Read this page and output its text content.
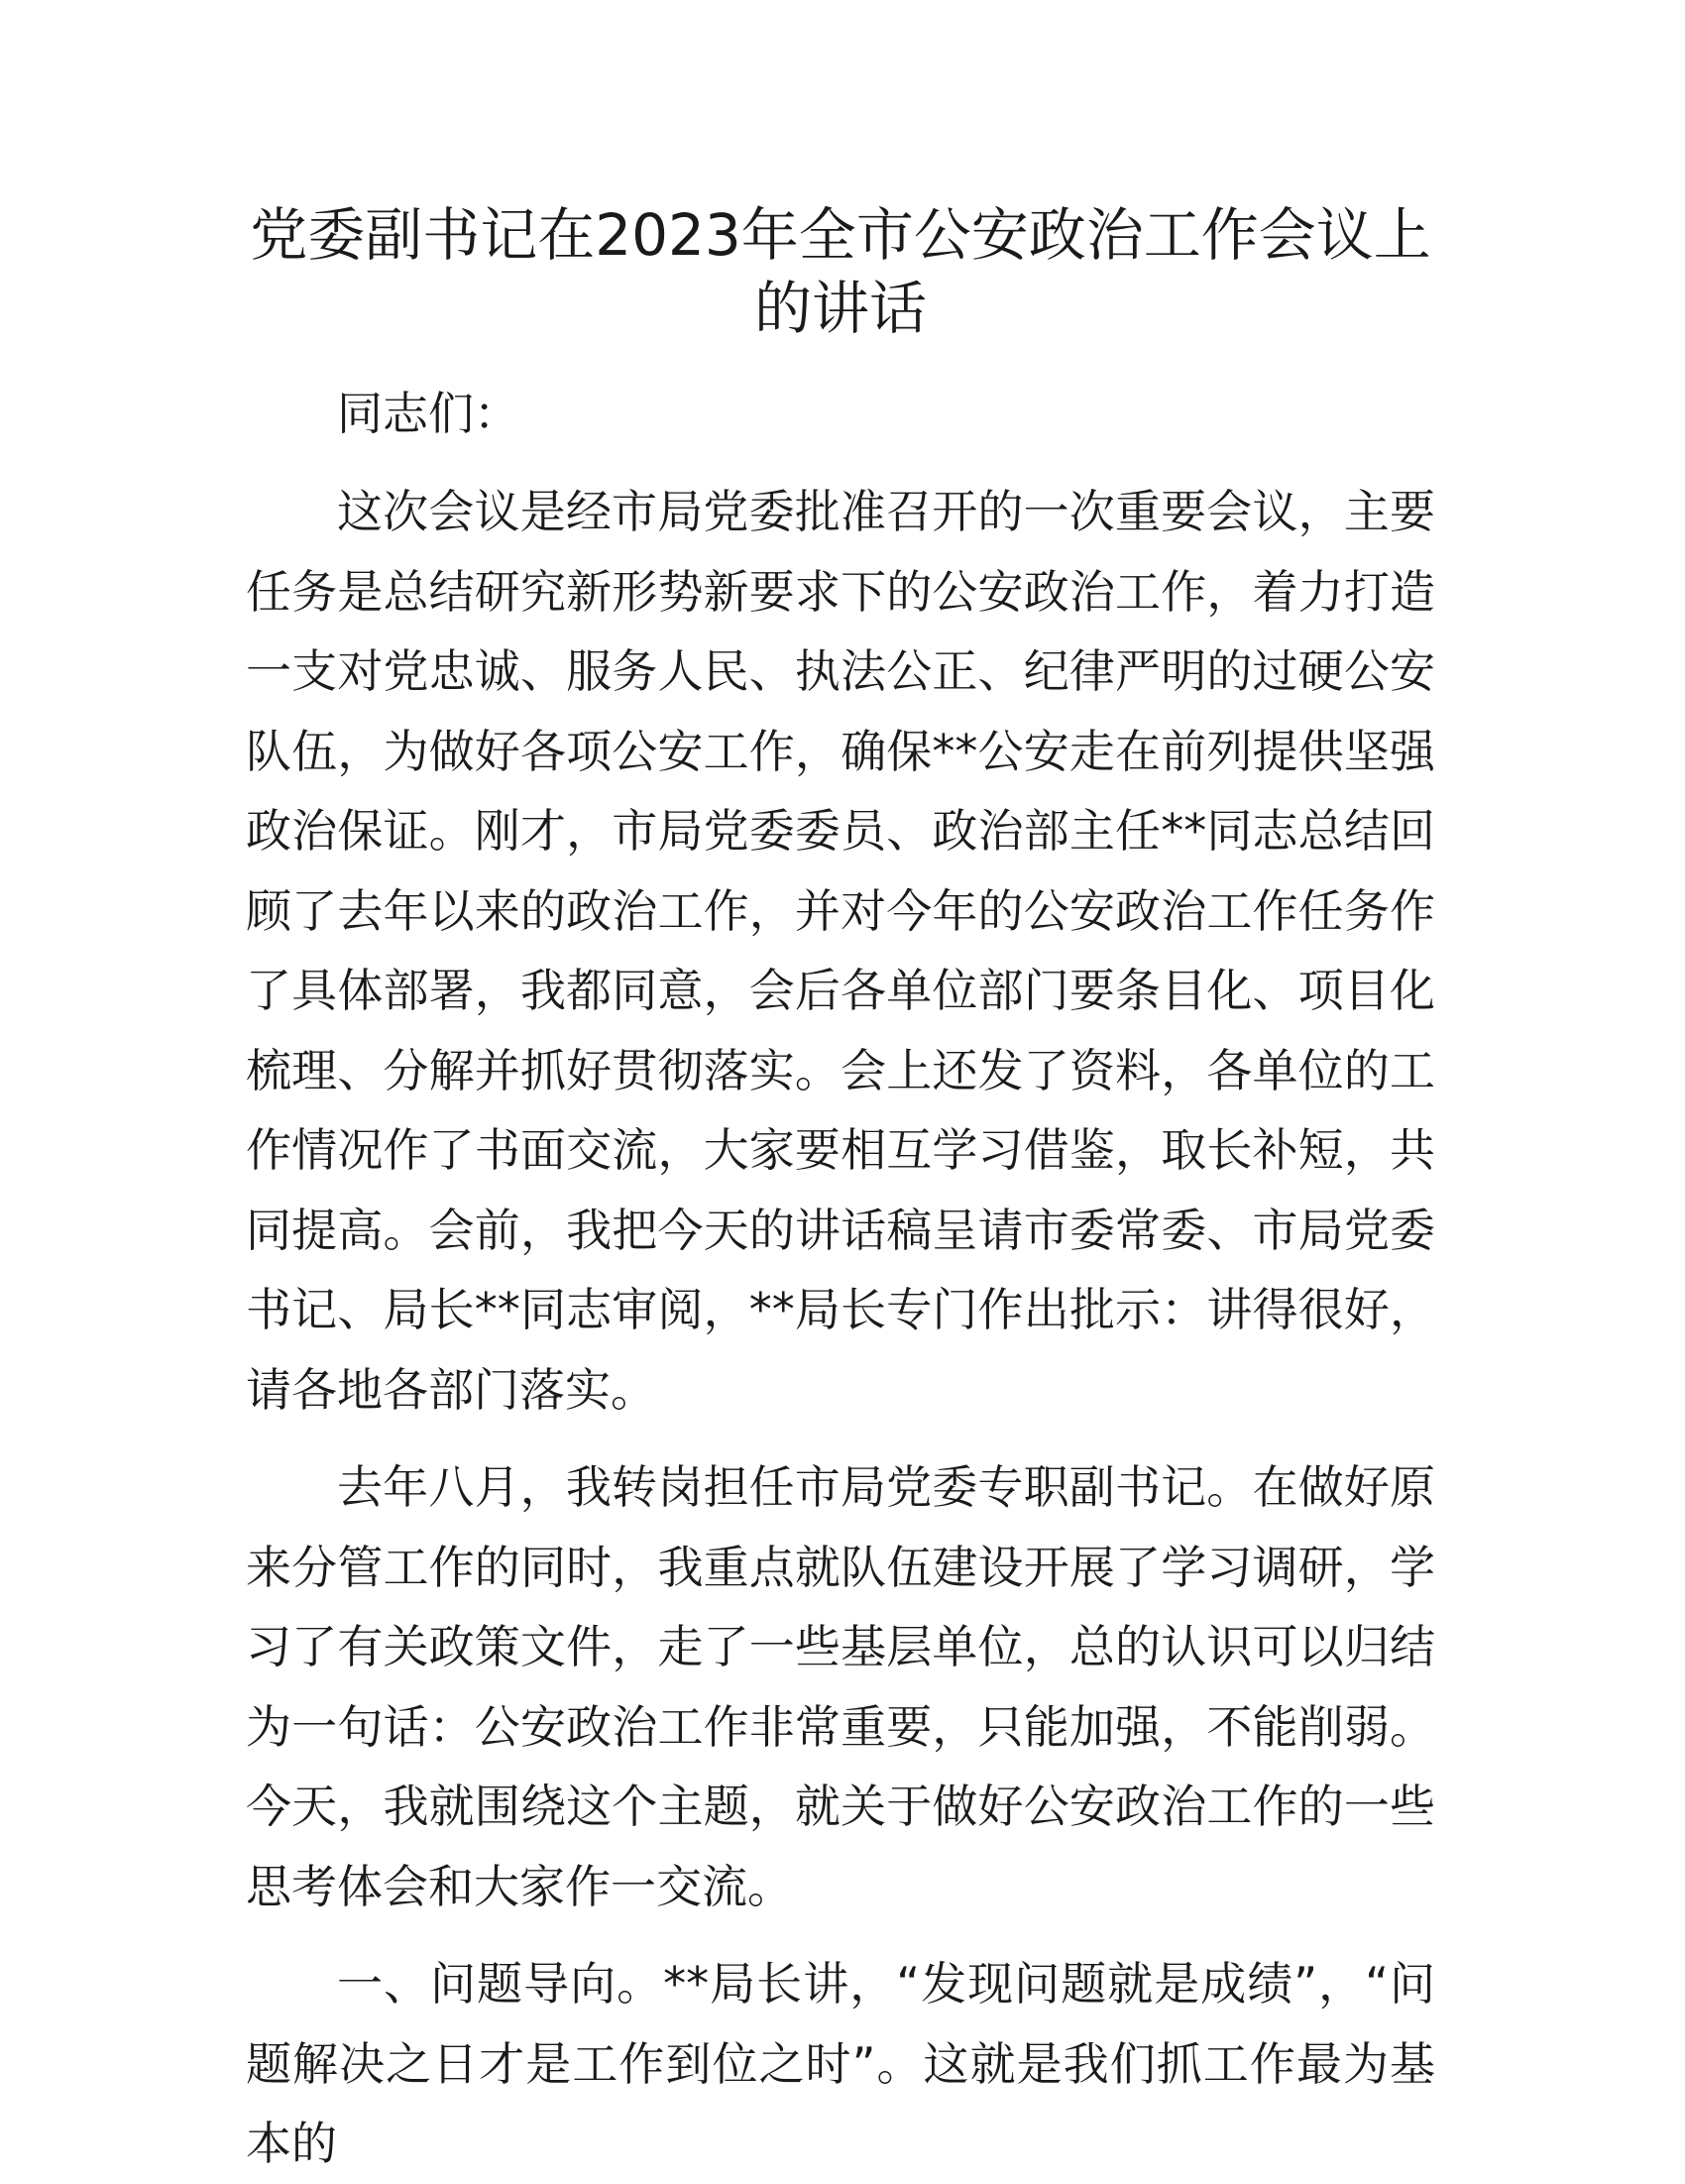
党委副书记在2023年全市公安政治工作会议上的讲话

同志们：

这次会议是经市局党委批准召开的一次重要会议，主要任务是总结研究新形势新要求下的公安政治工作，着力打造一支对党忠诚、服务人民、执法公正、纪律严明的过硬公安队伍，为做好各项公安工作，确保**公安走在前列提供坚强政治保证。刚才，市局党委委员、政治部主任**同志总结回顾了去年以来的政治工作，并对今年的公安政治工作任务作了具体部署，我都同意，会后各单位部门要条目化、项目化梳理、分解并抓好贯彻落实。会上还发了资料，各单位的工作情况作了书面交流，大家要相互学习借鉴，取长补短，共同提高。会前，我把今天的讲话稿呈请市委常委、市局党委书记、局长**同志审阅，**局长专门作出批示：讲得很好，请各地各部门落实。

去年八月，我转岗担任市局党委专职副书记。在做好原来分管工作的同时，我重点就队伍建设开展了学习调研，学习了有关政策文件，走了一些基层单位，总的认识可以归结为一句话：公安政治工作非常重要，只能加强，不能削弱。今天，我就围绕这个主题，就关于做好公安政治工作的一些思考体会和大家作一交流。

一、问题导向。**局长讲，“发现问题就是成绩”，“问题解决之日才是工作到位之时”。这就是我们抓工作最为基本的
